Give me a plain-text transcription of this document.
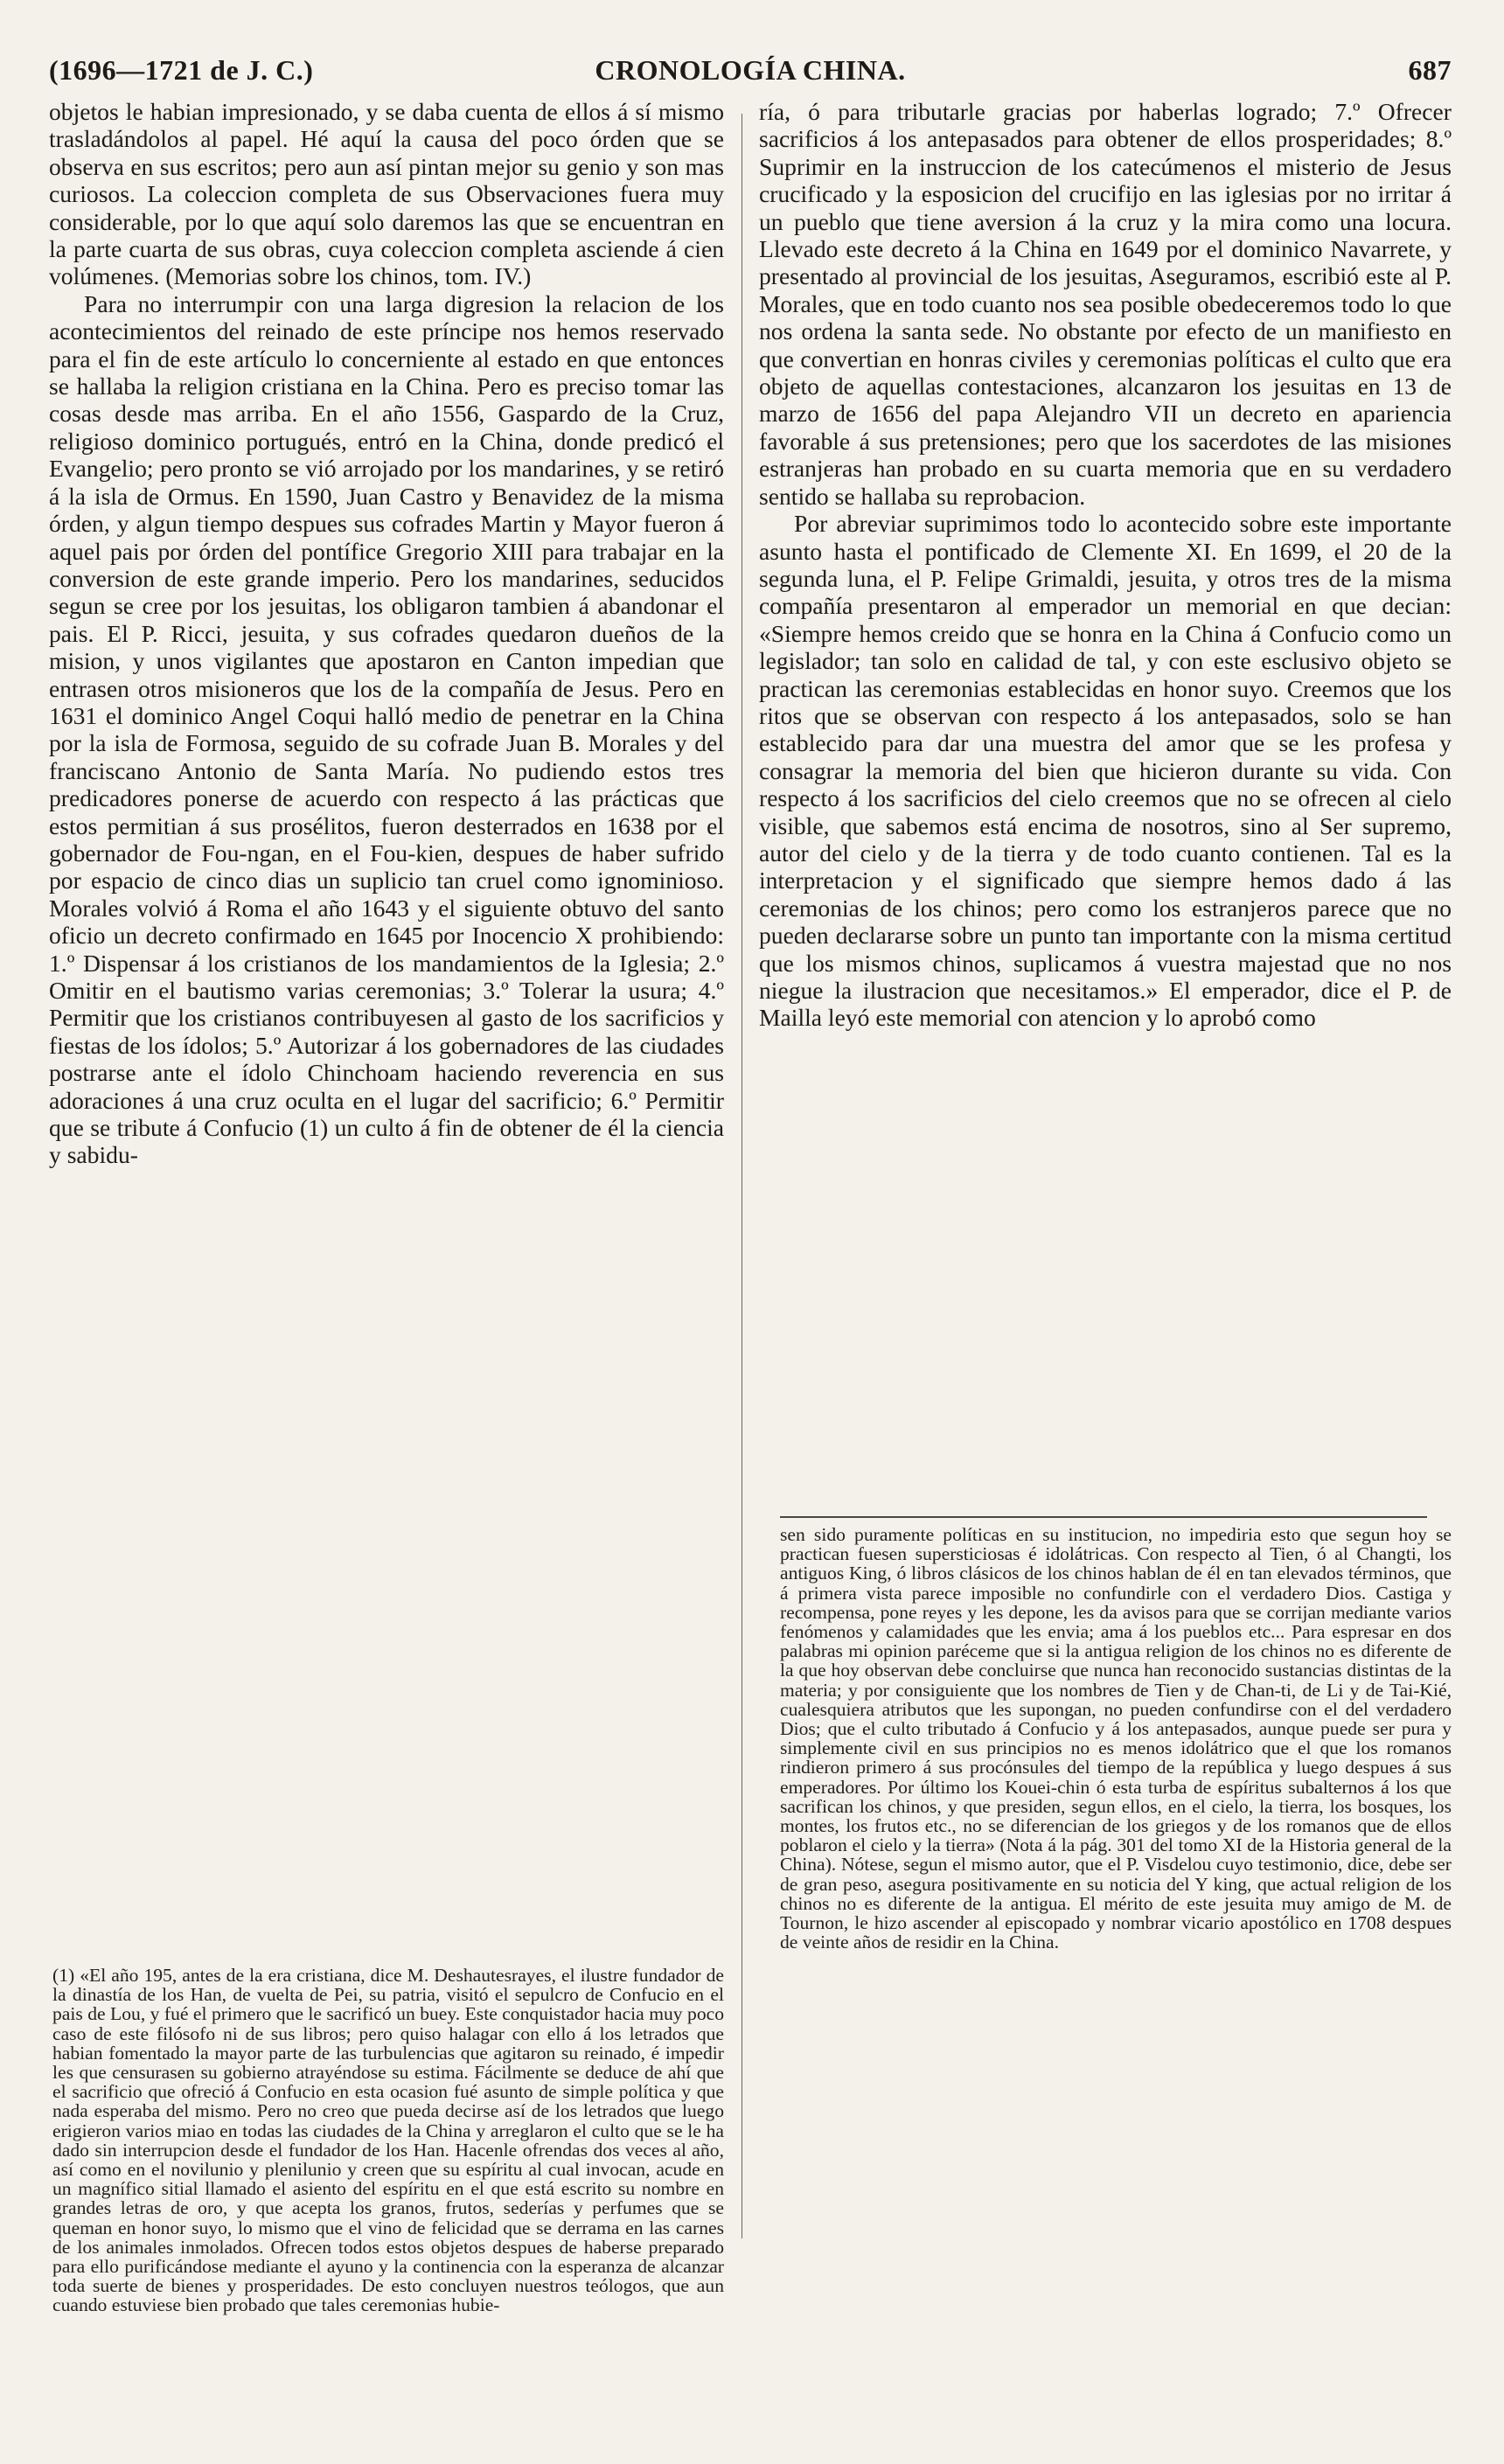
(1696—1721 de J. C.)	CRONOLOGÍA CHINA.	687

objetos le habian impresionado, y se daba cuenta de ellos á sí mismo trasladándolos al papel. Hé aquí la causa del poco órden que se observa en sus escritos; pero aun así pintan mejor su genio y son mas curiosos. La coleccion completa de sus Observaciones fuera muy considerable, por lo que aquí solo daremos las que se encuentran en la parte cuarta de sus obras, cuya coleccion completa asciende á cien volúmenes. (Memorias sobre los chinos, tom. IV.)

Para no interrumpir con una larga digresion la relacion de los acontecimientos del reinado de este príncipe nos hemos reservado para el fin de este artículo lo concerniente al estado en que entonces se hallaba la religion cristiana en la China. Pero es preciso tomar las cosas desde mas arriba. En el año 1556, Gaspardo de la Cruz, religioso dominico portugués, entró en la China, donde predicó el Evangelio; pero pronto se vió arrojado por los mandarines, y se retiró á la isla de Ormus. En 1590, Juan Castro y Benavidez de la misma órden, y algun tiempo despues sus cofrades Martin y Mayor fueron á aquel pais por órden del pontífice Gregorio XIII para trabajar en la conversion de este grande imperio. Pero los mandarines, seducidos segun se cree por los jesuitas, los obligaron tambien á abandonar el pais. El P. Ricci, jesuita, y sus cofrades quedaron dueños de la mision, y unos vigilantes que apostaron en Canton impedian que entrasen otros misioneros que los de la compañía de Jesus. Pero en 1631 el dominico Angel Coqui halló medio de penetrar en la China por la isla de Formosa, seguido de su cofrade Juan B. Morales y del franciscano Antonio de Santa María. No pudiendo estos tres predicadores ponerse de acuerdo con respecto á las prácticas que estos permitian á sus prosélitos, fueron desterrados en 1638 por el gobernador de Fou-ngan, en el Fou-kien, despues de haber sufrido por espacio de cinco dias un suplicio tan cruel como ignominioso. Morales volvió á Roma el año 1643 y el siguiente obtuvo del santo oficio un decreto confirmado en 1645 por Inocencio X prohibiendo: 1.º Dispensar á los cristianos de los mandamientos de la Iglesia; 2.º Omitir en el bautismo varias ceremonias; 3.º Tolerar la usura; 4.º Permitir que los cristianos contribuyesen al gasto de los sacrificios y fiestas de los ídolos; 5.º Autorizar á los gobernadores de las ciudades postrarse ante el ídolo Chinchoam haciendo reverencia en sus adoraciones á una cruz oculta en el lugar del sacrificio; 6.º Permitir que se tribute á Confucio (1) un culto á fin de obtener de él la ciencia y sabidu-

ría, ó para tributarle gracias por haberlas logrado; 7.º Ofrecer sacrificios á los antepasados para obtener de ellos prosperidades; 8.º Suprimir en la instruccion de los catecúmenos el misterio de Jesus crucificado y la esposicion del crucifijo en las iglesias por no irritar á un pueblo que tiene aversion á la cruz y la mira como una locura. Llevado este decreto á la China en 1649 por el dominico Navarrete, y presentado al provincial de los jesuitas, Aseguramos, escribió este al P. Morales, que en todo cuanto nos sea posible obedeceremos todo lo que nos ordena la santa sede. No obstante por efecto de un manifiesto en que convertian en honras civiles y ceremonias políticas el culto que era objeto de aquellas contestaciones, alcanzaron los jesuitas en 13 de marzo de 1656 del papa Alejandro VII un decreto en apariencia favorable á sus pretensiones; pero que los sacerdotes de las misiones estranjeras han probado en su cuarta memoria que en su verdadero sentido se hallaba su reprobacion.

Por abreviar suprimimos todo lo acontecido sobre este importante asunto hasta el pontificado de Clemente XI. En 1699, el 20 de la segunda luna, el P. Felipe Grimaldi, jesuita, y otros tres de la misma compañía presentaron al emperador un memorial en que decian: «Siempre hemos creido que se honra en la China á Confucio como un legislador; tan solo en calidad de tal, y con este esclusivo objeto se practican las ceremonias establecidas en honor suyo. Creemos que los ritos que se observan con respecto á los antepasados, solo se han establecido para dar una muestra del amor que se les profesa y consagrar la memoria del bien que hicieron durante su vida. Con respecto á los sacrificios del cielo creemos que no se ofrecen al cielo visible, que sabemos está encima de nosotros, sino al Ser supremo, autor del cielo y de la tierra y de todo cuanto contienen. Tal es la interpretacion y el significado que siempre hemos dado á las ceremonias de los chinos; pero como los estranjeros parece que no pueden declararse sobre un punto tan importante con la misma certitud que los mismos chinos, suplicamos á vuestra majestad que no nos niegue la ilustracion que necesitamos.» El emperador, dice el P. de Mailla leyó este memorial con atencion y lo aprobó como

(1) «El año 195, antes de la era cristiana, dice M. Deshautesrayes, el ilustre fundador de la dinastía de los Han, de vuelta de Pei, su patria, visitó el sepulcro de Confucio en el pais de Lou, y fué el primero que le sacrificó un buey. Este conquistador hacia muy poco caso de este filósofo ni de sus libros; pero quiso halagar con ello á los letrados que habian fomentado la mayor parte de las turbulencias que agitaron su reinado, é impedir les que censurasen su gobierno atrayéndose su estima. Fácilmente se deduce de ahí que el sacrificio que ofreció á Confucio en esta ocasion fué asunto de simple política y que nada esperaba del mismo. Pero no creo que pueda decirse así de los letrados que luego erigieron varios miao en todas las ciudades de la China y arreglaron el culto que se le ha dado sin interrupcion desde el fundador de los Han. Hacenle ofrendas dos veces al año, así como en el novilunio y plenilunio y creen que su espíritu al cual invocan, acude en un magnífico sitial llamado el asiento del espíritu en el que está escrito su nombre en grandes letras de oro, y que acepta los granos, frutos, sederías y perfumes que se queman en honor suyo, lo mismo que el vino de felicidad que se derrama en las carnes de los animales inmolados. Ofrecen todos estos objetos despues de haberse preparado para ello purificándose mediante el ayuno y la continencia con la esperanza de alcanzar toda suerte de bienes y prosperidades. De esto concluyen nuestros teólogos, que aun cuando estuviese bien probado que tales ceremonias hubie-

sen sido puramente políticas en su institucion, no impediria esto que segun hoy se practican fuesen supersticiosas é idolátricas. Con respecto al Tien, ó al Changti, los antiguos King, ó libros clásicos de los chinos hablan de él en tan elevados términos, que á primera vista parece imposible no confundirle con el verdadero Dios. Castiga y recompensa, pone reyes y les depone, les da avisos para que se corrijan mediante varios fenómenos y calamidades que les envia; ama á los pueblos etc... Para espresar en dos palabras mi opinion paréceme que si la antigua religion de los chinos no es diferente de la que hoy observan debe concluirse que nunca han reconocido sustancias distintas de la materia; y por consiguiente que los nombres de Tien y de Chan-ti, de Li y de Tai-Kié, cualesquiera atributos que les supongan, no pueden confundirse con el del verdadero Dios; que el culto tributado á Confucio y á los antepasados, aunque puede ser pura y simplemente civil en sus principios no es menos idolátrico que el que los romanos rindieron primero á sus procónsules del tiempo de la república y luego despues á sus emperadores. Por último los Kouei-chin ó esta turba de espíritus subalternos á los que sacrifican los chinos, y que presiden, segun ellos, en el cielo, la tierra, los bosques, los montes, los frutos etc., no se diferencian de los griegos y de los romanos que de ellos poblaron el cielo y la tierra» (Nota á la pág. 301 del tomo XI de la Historia general de la China). Nótese, segun el mismo autor, que el P. Visdelou cuyo testimonio, dice, debe ser de gran peso, asegura positivamente en su noticia del Y king, que actual religion de los chinos no es diferente de la antigua. El mérito de este jesuita muy amigo de M. de Tournon, le hizo ascender al episcopado y nombrar vicario apostólico en 1708 despues de veinte años de residir en la China.
